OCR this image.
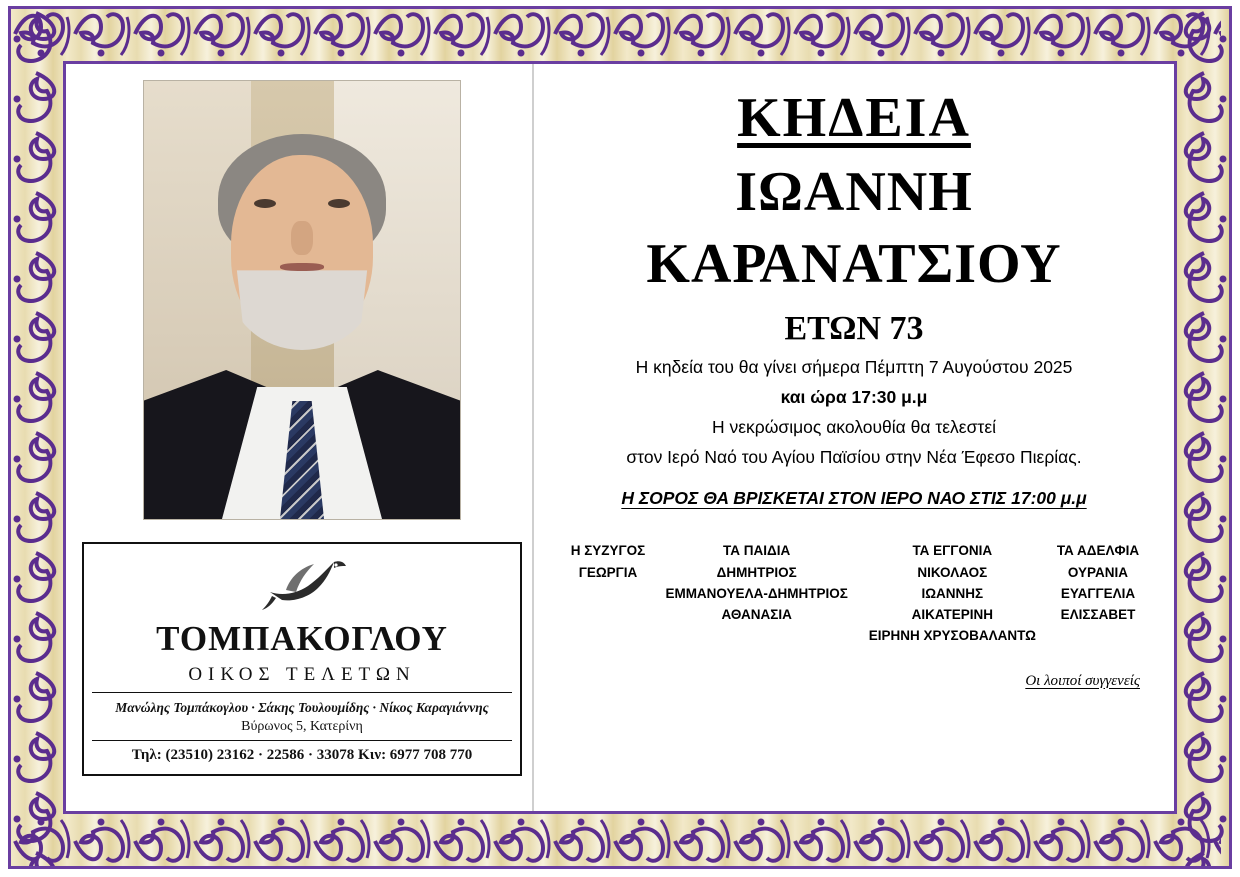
ΤΟΜΠΑΚΟΓΛΟΥ
ΟΙΚΟΣ ΤΕΛΕΤΩΝ
Μανώλης Τομπάκογλου · Σάκης Τουλουμίδης · Νίκος Καραγιάννης
Βύρωνος 5, Κατερίνη
Τηλ: (23510) 23162 · 22586 · 33078 Κιν: 6977 708 770
ΚΗΔΕΙΑ
ΙΩΑΝΝΗ
ΚΑΡΑΝΑΤΣΙΟΥ
ΕΤΩΝ 73
Η κηδεία του θα γίνει σήμερα Πέμπτη 7 Αυγούστου 2025
και ώρα 17:30 μ.μ
Η νεκρώσιμος ακολουθία θα τελεστεί
στον Ιερό Ναό του Αγίου Παϊσίου στην Νέα Έφεσο Πιερίας.
Η ΣΟΡΟΣ ΘΑ ΒΡΙΣΚΕΤΑΙ ΣΤΟΝ ΙΕΡΟ ΝΑΟ ΣΤΙΣ 17:00 μ.μ
Η ΣΥΖΥΓΟΣ
ΓΕΩΡΓΙΑ
ΤΑ ΠΑΙΔΙΑ
ΔΗΜΗΤΡΙΟΣ
ΕΜΜΑΝΟΥΕΛΑ-ΔΗΜΗΤΡΙΟΣ
ΑΘΑΝΑΣΙΑ
ΤΑ ΕΓΓΟΝΙΑ
ΝΙΚΟΛΑΟΣ
ΙΩΑΝΝΗΣ
ΑΙΚΑΤΕΡΙΝΗ
ΕΙΡΗΝΗ ΧΡΥΣΟΒΑΛΑΝΤΩ
ΤΑ ΑΔΕΛΦΙΑ
ΟΥΡΑΝΙΑ
ΕΥΑΓΓΕΛΙΑ
ΕΛΙΣΣΑΒΕΤ
Οι λοιποί συγγενείς
